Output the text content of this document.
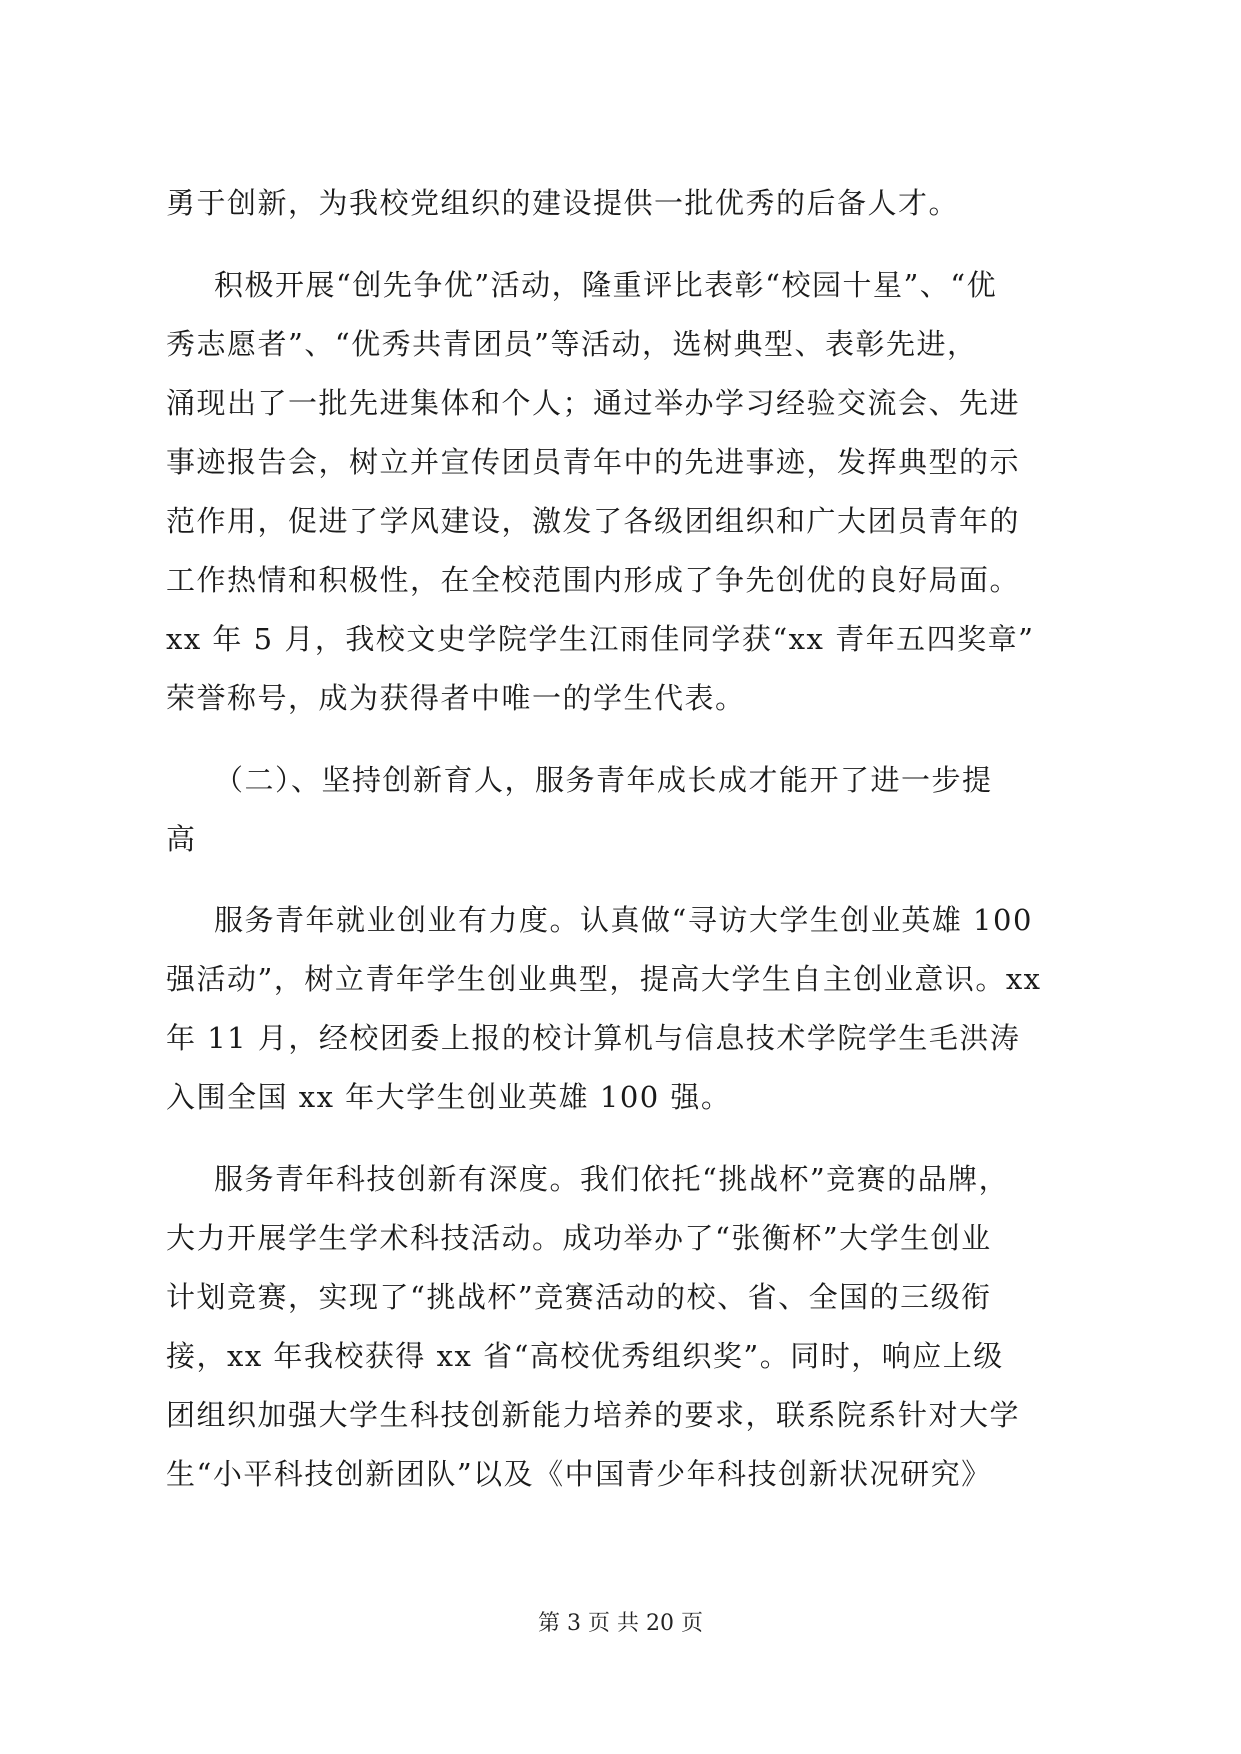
勇于创新，为我校党组织的建设提供一批优秀的后备人才。
积极开展“创先争优”活动，隆重评比表彰“校园十星”、“优
秀志愿者”、“优秀共青团员”等活动，选树典型、表彰先进，
涌现出了一批先进集体和个人；通过举办学习经验交流会、先进
事迹报告会，树立并宣传团员青年中的先进事迹，发挥典型的示
范作用，促进了学风建设，激发了各级团组织和广大团员青年的
工作热情和积极性，在全校范围内形成了争先创优的良好局面。
xx 年 5 月，我校文史学院学生江雨佳同学获“xx 青年五四奖章”
荣誉称号，成为获得者中唯一的学生代表。
（二）、坚持创新育人，服务青年成长成才能开了进一步提
高
服务青年就业创业有力度。认真做“寻访大学生创业英雄 100
强活动”，树立青年学生创业典型，提高大学生自主创业意识。xx
年 11 月，经校团委上报的校计算机与信息技术学院学生毛洪涛
入围全国 xx 年大学生创业英雄 100 强。
服务青年科技创新有深度。我们依托“挑战杯”竞赛的品牌，
大力开展学生学术科技活动。成功举办了“张衡杯”大学生创业
计划竞赛，实现了“挑战杯”竞赛活动的校、省、全国的三级衔
接，xx 年我校获得 xx 省“高校优秀组织奖”。同时，响应上级
团组织加强大学生科技创新能力培养的要求，联系院系针对大学
生“小平科技创新团队”以及《中国青少年科技创新状况研究》
第 3 页 共 20 页
